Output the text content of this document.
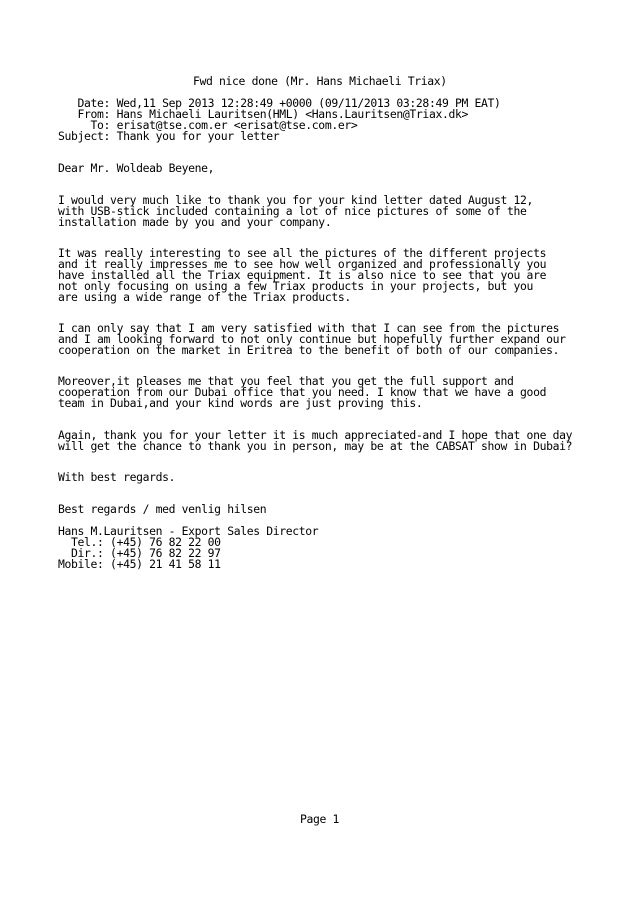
Fwd nice done (Mr. Hans Michaeli Triax)
Date: Wed,11 Sep 2013 12:28:49 +0000 (09/11/2013 03:28:49 PM EAT)
From: Hans Michaeli Lauritsen(HML) <Hans.Lauritsen@Triax.dk>
To: erisat@tse.com.er <erisat@tse.com.er>
Subject: Thank you for your letter
Dear Mr. Woldeab Beyene,
I would very much like to thank you for your kind letter dated August 12,
with USB-stick included containing a lot of nice pictures of some of the
installation made by you and your company.
It was really interesting to see all the pictures of the different projects
and it really impresses me to see how well organized and professionally you
have installed all the Triax equipment. It is also nice to see that you are
not only focusing on using a few Triax products in your projects, but you
are using a wide range of the Triax products.
I can only say that I am very satisfied with that I can see from the pictures
and I am looking forward to not only continue but hopefully further expand our
cooperation on the market in Eritrea to the benefit of both of our companies.
Moreover,it pleases me that you feel that you get the full support and
cooperation from our Dubai office that you need. I know that we have a good
team in Dubai,and your kind words are just proving this.
Again, thank you for your letter it is much appreciated-and I hope that one day
will get the chance to thank you in person, may be at the CABSAT show in Dubai?
With best regards.
Best regards / med venlig hilsen
Hans M.Lauritsen - Export Sales Director
Tel.: (+45) 76 82 22 00
Dir.: (+45) 76 82 22 97
Mobile: (+45) 21 41 58 11
Page 1
